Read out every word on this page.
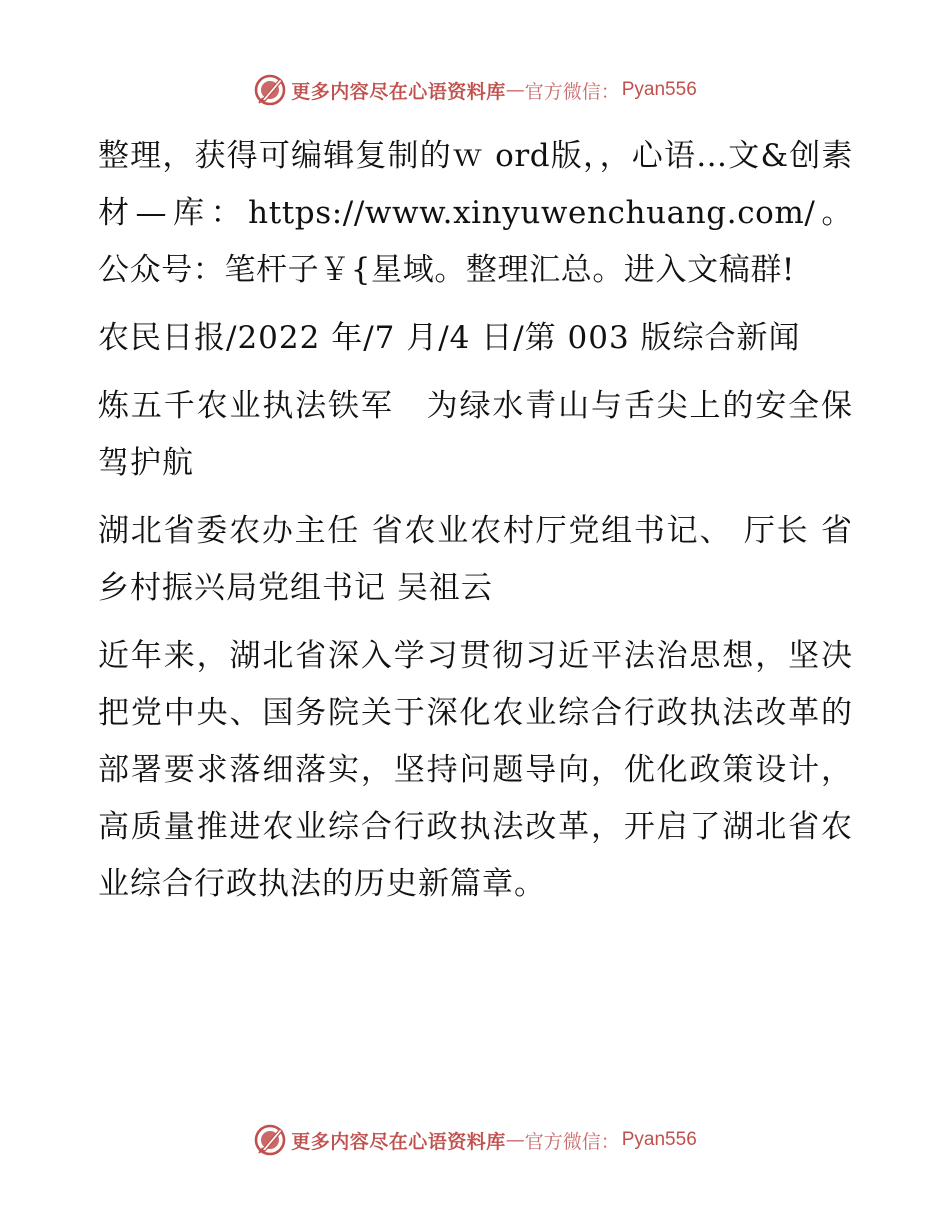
更多内容尽在心语资料库 — 官方微信： Pyan556

整理，获得可编辑复制的ｗ ord版，，心语…文&创素材—库：https://www.xinyuwenchuang.com/。公众号：笔杆子￥{星域。整理汇总。进入文稿群!

农民日报/2022 年/7 月/4 日/第 003 版综合新闻

炼五千农业执法铁军　为绿水青山与舌尖上的安全保驾护航

湖北省委农办主任 省农业农村厅党组书记、 厅长 省乡村振兴局党组书记 吴祖云

近年来，湖北省深入学习贯彻习近平法治思想，坚决把党中央、国务院关于深化农业综合行政执法改革的部署要求落细落实，坚持问题导向，优化政策设计，高质量推进农业综合行政执法改革，开启了湖北省农业综合行政执法的历史新篇章。

更多内容尽在心语资料库 — 官方微信： Pyan556
